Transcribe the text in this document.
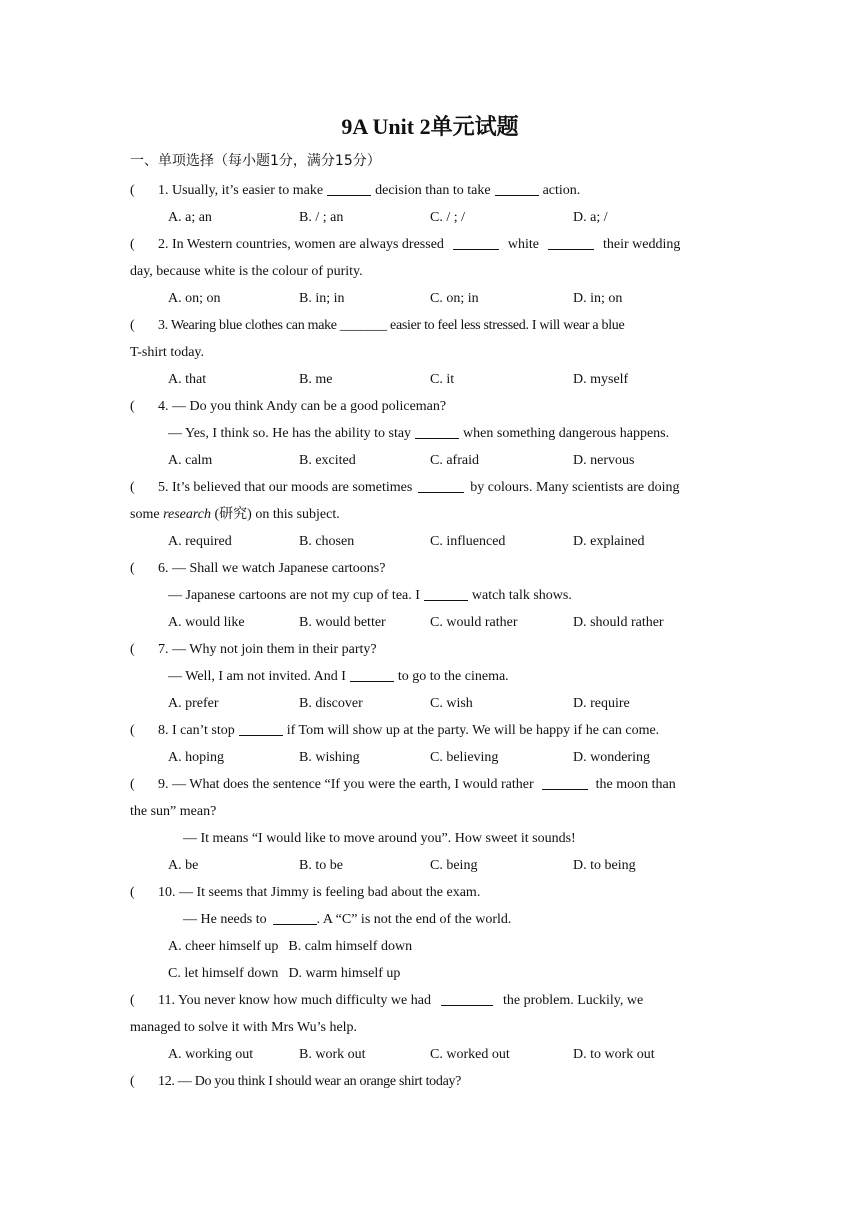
9A Unit 2单元试题
一、单项选择（每小题1分，满分15分）
( 1. Usually, it’s easier to make	decision than to take	action.
A. a; an	B. / ; an	C. / ; /	D. a; /
( 2. In Western countries, women are always dressed	white	their wedding
day, because white is the colour of purity.
A. on; on	B. in; in	C. on; in	D. in; on
( 3. Wearing blue clothes can make _______ easier to feel less stressed. I will wear a blue
T-shirt today.
A. that	B. me	C. it	D. myself
( 4. — Do you think Andy can be a good policeman?
— Yes, I think so. He has the ability to stay	when something dangerous happens.
A. calm	B. excited	C. afraid	D. nervous
( 5. It’s believed that our moods are sometimes	by colours. Many scientists are doing
some research (研究) on this subject.
A. required	B. chosen	C. influenced	D. explained
( 6. — Shall we watch Japanese cartoons?
— Japanese cartoons are not my cup of tea. I	watch talk shows.
A. would like	B. would better	C. would rather	D. should rather
( 7. — Why not join them in their party?
— Well, I am not invited. And I	to go to the cinema.
A. prefer	B. discover	C. wish	D. require
( 8. I can’t stop	if Tom will show up at the party. We will be happy if he can come.
A. hoping	B. wishing	C. believing	D. wondering
( 9. — What does the sentence “If you were the earth, I would rather	the moon than
the sun” mean?
— It means “I would like to move around you”. How sweet it sounds!
A. be	B. to be	C. being	D. to being
( 10. — It seems that Jimmy is feeling bad about the exam.
— He needs to	. A “C” is not the end of the world.
A. cheer himself up B. calm himself down
C. let himself down D. warm himself up
( 11. You never know how much difficulty we had	the problem. Luckily, we
managed to solve it with Mrs Wu’s help.
A. working out	B. work out	C. worked out	D. to work out
( 12. — Do you think I should wear an orange shirt today?
